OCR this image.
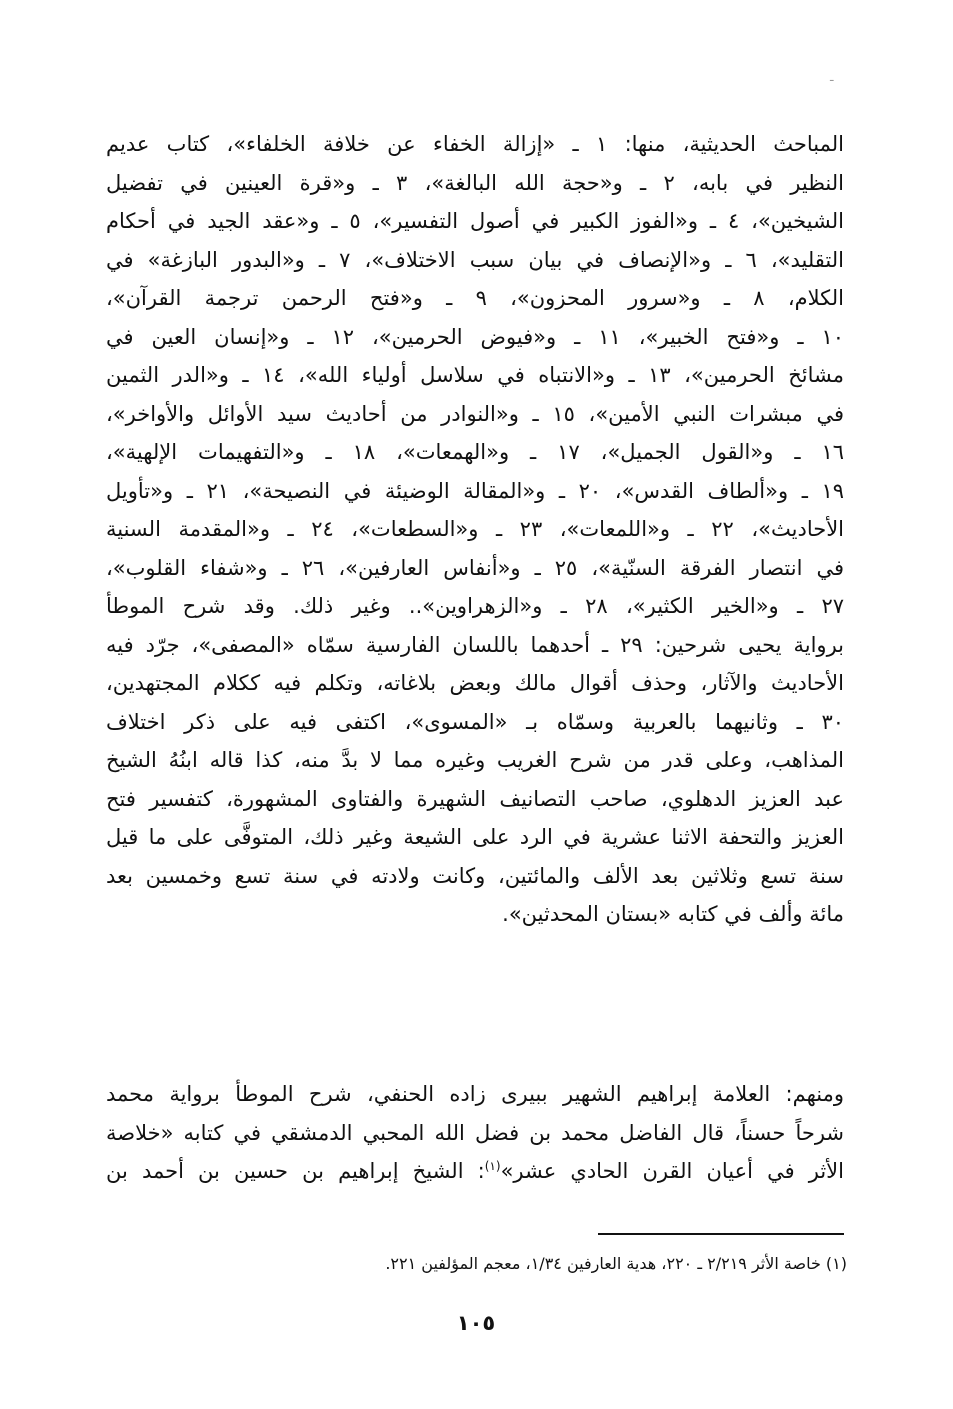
ـ
المباحث الحديثية، منها: ١ ـ «إزالة الخفاء عن خلافة الخلفاء»، كتاب عديم
النظير في بابه، ٢ ـ و«حجة الله البالغة»، ٣ ـ و«قرة العينين في تفضيل
الشيخين»، ٤ ـ و«الفوز الكبير في أصول التفسير»، ٥ ـ و«عقد الجيد في أحكام
التقليد»، ٦ ـ و«الإنصاف في بيان سبب الاختلاف»، ٧ ـ و«البدور البازغة» في
الكلام، ٨ ـ و«سرور المحزون»، ٩ ـ و«فتح الرحمن ترجمة القرآن»،
١٠ ـ و«فتح الخبير»، ١١ ـ و«فيوض الحرمين»، ١٢ ـ و«إنسان العين في
مشائخ الحرمين»، ١٣ ـ و«الانتباه في سلاسل أولياء الله»، ١٤ ـ و«الدر الثمين
في مبشرات النبي الأمين»، ١٥ ـ و«النوادر من أحاديث سيد الأوائل والأواخر»،
١٦ ـ و«القول الجميل»، ١٧ ـ و«الهمعات»، ١٨ ـ و«التفهيمات الإلهية»،
١٩ ـ و«ألطاف القدس»، ٢٠ ـ و«المقالة الوضيئة في النصيحة»، ٢١ ـ و«تأويل
الأحاديث»، ٢٢ ـ و«اللمعات»، ٢٣ ـ و«السطعات»، ٢٤ ـ و«المقدمة السنية
في انتصار الفرقة السنّية»، ٢٥ ـ و«أنفاس العارفين»، ٢٦ ـ و«شفاء القلوب»،
٢٧ ـ و«الخير الكثير»، ٢٨ ـ و«الزهراوين».. وغير ذلك. وقد شرح الموطأ
برواية يحيى شرحين: ٢٩ ـ أحدهما باللسان الفارسية سمّاه «المصفى»، جرّد فيه
الأحاديث والآثار، وحذف أقوال مالك وبعض بلاغاته، وتكلم فيه ككلام المجتهدين،
٣٠ ـ وثانيهما بالعربية وسمّاه بـ «المسوى»، اكتفى فيه على ذكر اختلاف
المذاهب، وعلى قدر من شرح الغريب وغيره مما لا بدَّ منه، كذا قاله ابنُهُ الشيخ
عبد العزيز الدهلوي، صاحب التصانيف الشهيرة والفتاوى المشهورة، كتفسير فتح
العزيز والتحفة الاثنا عشرية في الرد على الشيعة وغير ذلك، المتوفَّى على ما قيل
سنة تسع وثلاثين بعد الألف والمائتين، وكانت ولادته في سنة تسع وخمسين بعد
مائة وألف في كتابه «بستان المحدثين».
ومنهم: العلامة إبراهيم الشهير ببيرى زاده الحنفي، شرح الموطأ برواية محمد
شرحاً حسناً، قال الفاضل محمد بن فضل الله المحبي الدمشقي في كتابه «خلاصة
الأثر في أعيان القرن الحادي عشر»$^{(١)}$: الشيخ إبراهيم بن حسين بن أحمد بن
(١) خاصة الأثر ٢/٢١٩ ـ ٢٢٠، هدية العارفين ١/٣٤، معجم المؤلفين ٢٢١.
١٠٥
